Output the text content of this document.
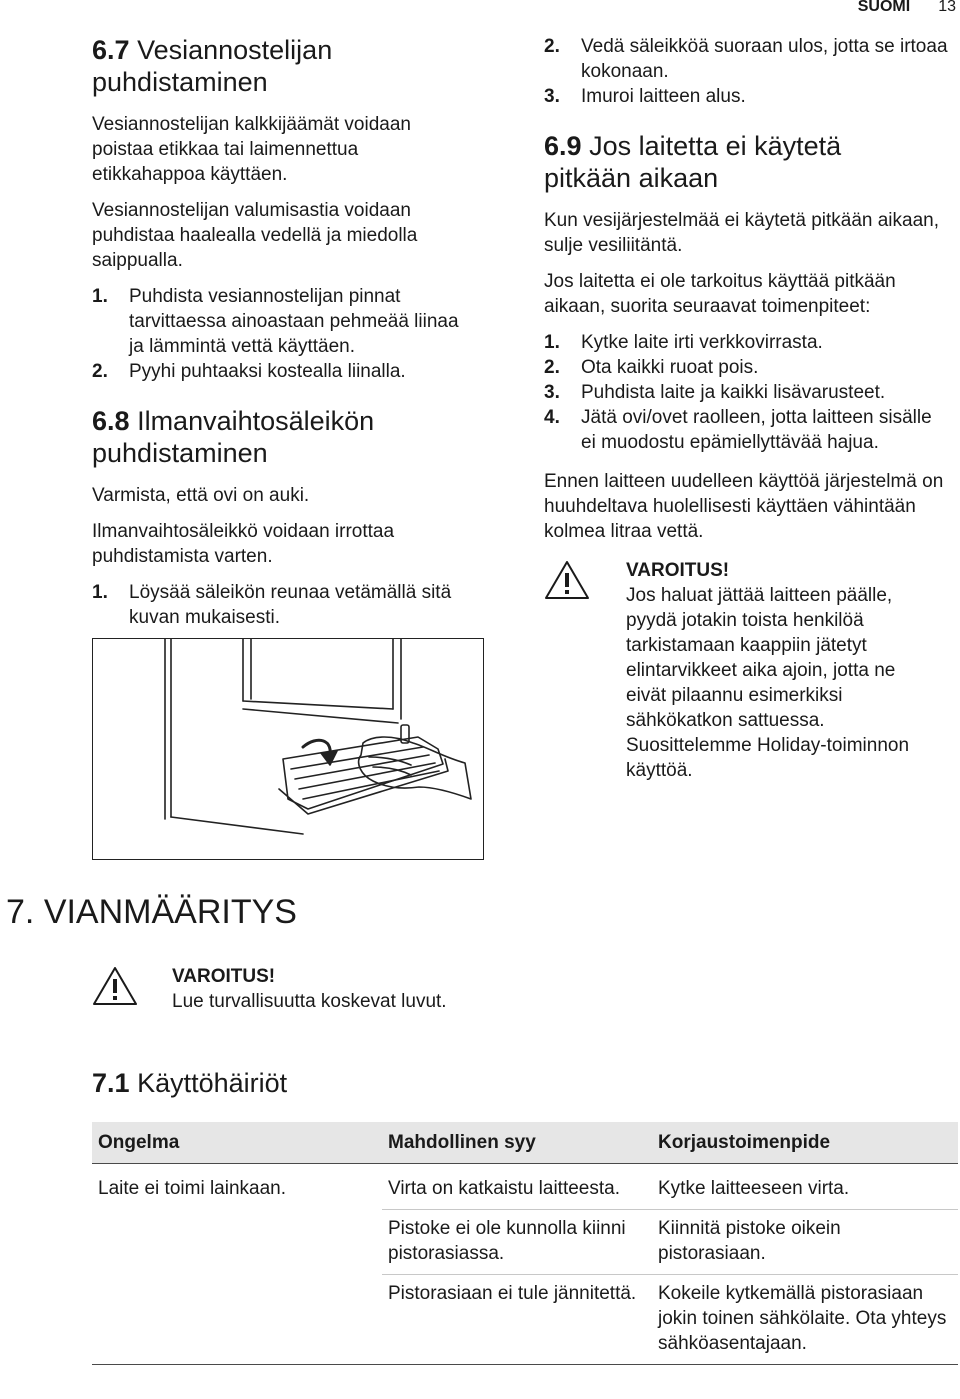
SUOMI 13
6.7 Vesiannostelijan puhdistaminen

Vesiannostelijan kalkkijäämät voidaan poistaa etikkaa tai laimennettua etikkahappoa käyttäen.

Vesiannostelijan valumisastia voidaan puhdistaa haalealla vedellä ja miedolla saippualla.

1. Puhdista vesiannostelijan pinnat tarvittaessa ainoastaan pehmeää liinaa ja lämmintä vettä käyttäen.
2. Pyyhi puhtaaksi kostealla liinalla.
6.8 Ilmanvaihtosäleikön puhdistaminen

Varmista, että ovi on auki.

Ilmanvaihtosäleikkö voidaan irrottaa puhdistamista varten.

1. Löysää säleikön reunaa vetämällä sitä kuvan mukaisesti.
2. Vedä säleikköä suoraan ulos, jotta se irtoaa kokonaan.
3. Imuroi laitteen alus.
6.9 Jos laitetta ei käytetä pitkään aikaan

Kun vesijärjestelmää ei käytetä pitkään aikaan, sulje vesiliitäntä.

Jos laitetta ei ole tarkoitus käyttää pitkään aikaan, suorita seuraavat toimenpiteet:

1. Kytke laite irti verkkovirrasta.
2. Ota kaikki ruoat pois.
3. Puhdista laite ja kaikki lisävarusteet.
4. Jätä ovi/ovet raolleen, jotta laitteen sisälle ei muodostu epämiellyttävää hajua.

Ennen laitteen uudelleen käyttöä järjestelmä on huuhdeltava huolellisesti käyttäen vähintään kolmea litraa vettä.

VAROITUS!

Jos haluat jättää laitteen päälle, pyydä jotakin toista henkilöä tarkistamaan kaappiin jätetyt elintarvikkeet aika ajoin, jotta ne eivät pilaannu esimerkiksi sähkökatkon sattuessa. Suosittelemme Holiday-toiminnon käyttöä.

7. VIANMÄÄRITYS
VAROITUS!

Lue turvallisuutta koskevat luvut.

7.1 Käyttöhäiriöt
Ongelma	Mahdollinen syy	Korjaustoimenpide
Laite ei toimi lainkaan.	Virta on katkaistu laitteesta.	Kytke laitteeseen virta.
	Pistoke ei ole kunnolla kiinni pistorasiassa.	Kiinnitä pistoke oikein pistorasiaan.
	Pistorasiaan ei tule jännitettä.	Kokeile kytkemällä pistorasiaan jokin toinen sähkölaite. Ota yhteys sähköasentajaan.
